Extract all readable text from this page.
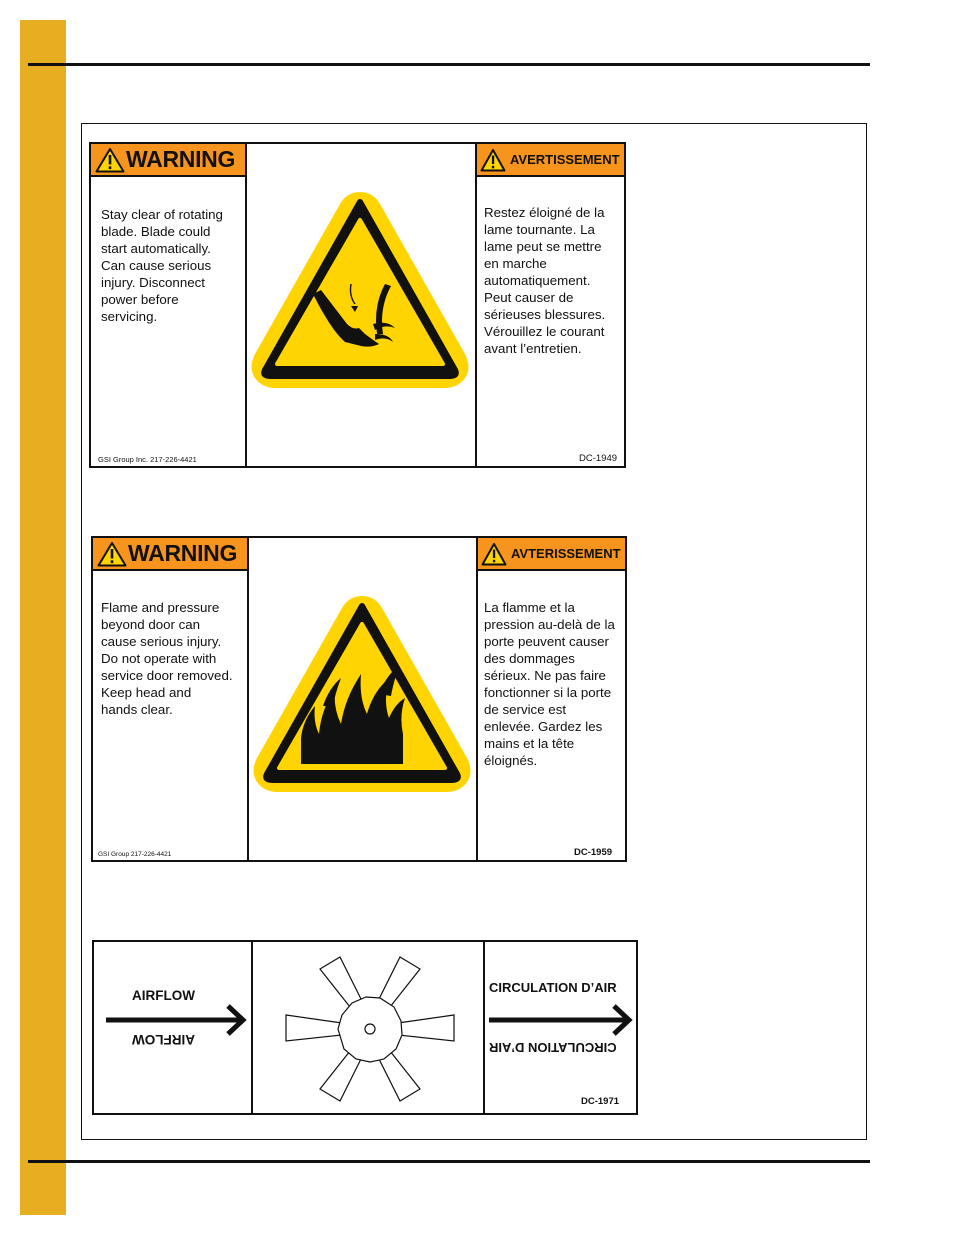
WARNING
Stay clear of rotating
blade. Blade could
start automatically.
Can cause serious
injury. Disconnect
power before
servicing.
GSI Group Inc. 217-226-4421
AVERTISSEMENT
Restez éloigné de la
lame tournante. La
lame peut se mettre
en marche
automatiquement.
Peut causer de
sérieuses blessures.
Vérouillez le courant
avant l’entretien.
DC-1949
WARNING
Flame and pressure
beyond door can
cause serious injury.
Do not operate with
service door removed.
Keep head and
hands clear.
GSI Group 217-226-4421
AVTERISSEMENT
La flamme et la
pression au-delà de la
porte peuvent causer
des dommages
sérieux. Ne pas faire
fonctionner si la porte
de service est
enlevée. Gardez les
mains et la tête
éloignés.
DC-1959
AIRFLOW
AIRFLOW
CIRCULATION D’AIR
CIRCULATION D’AIR
DC-1971
